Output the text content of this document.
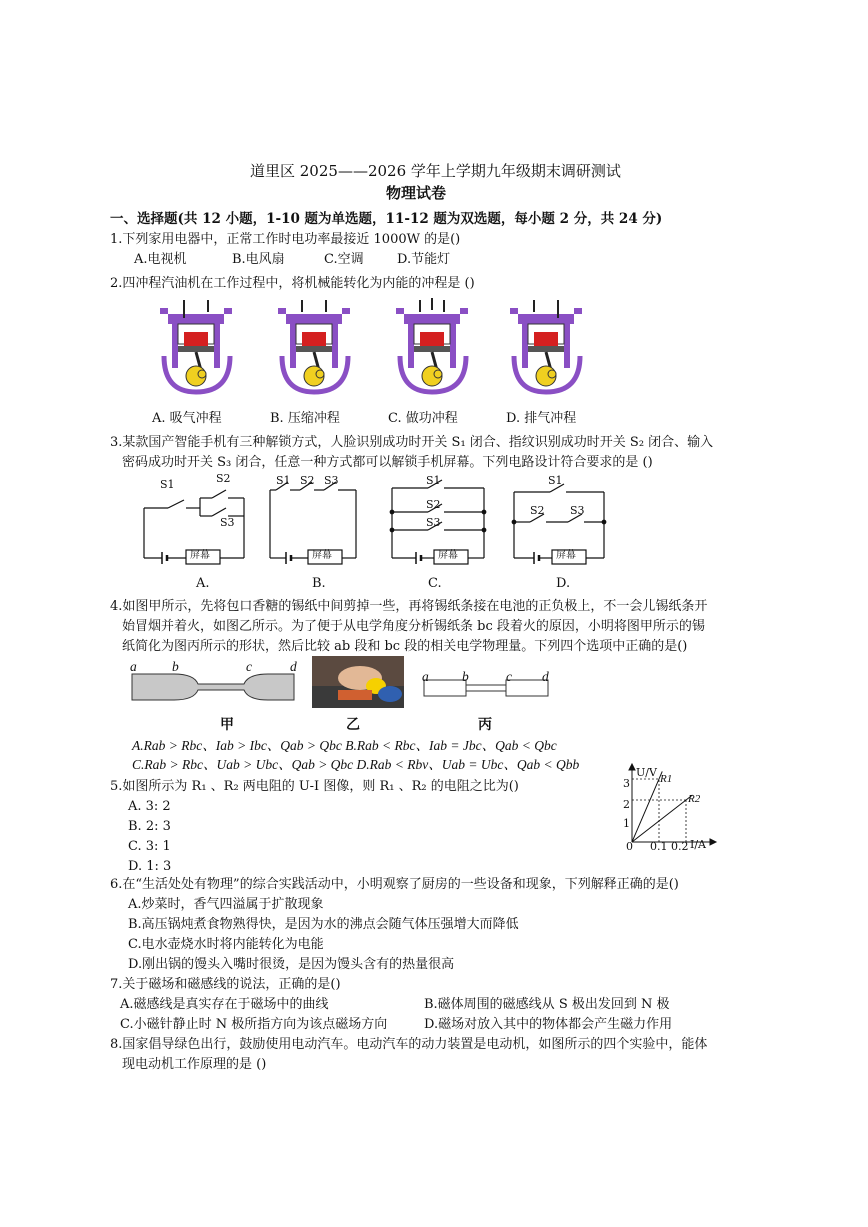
道里区 2025——2026 学年上学期九年级期末调研测试
物理试卷
一、选择题(共 12 小题，1-10 题为单选题，11-12 题为双选题，每小题 2 分，共 24 分)
1.下列家用电器中，正常工作时电功率最接近 1000W 的是()
A.电视机	B.电风扇	C.空调	D.节能灯
2.四冲程汽油机在工作过程中，将机械能转化为内能的冲程是 ()
A. 吸气冲程	B. 压缩冲程	C. 做功冲程	D. 排气冲程
3.某款国产智能手机有三种解锁方式，人脸识别成功时开关 S₁ 闭合、指纹识别成功时开关 S₂ 闭合、输入
密码成功时开关 S₃ 闭合，任意一种方式都可以解锁手机屏幕。下列电路设计符合要求的是 ()
S1	S2
S3
S1 S2 S3	S1
S2
S3
S1
S2 S3
屏幕	屏幕	屏幕	屏幕
A.	B.	C.	D.
4.如图甲所示，先将包口香糖的锡纸中间剪掉一些，再将锡纸条接在电池的正负极上，不一会儿锡纸条开
始冒烟并着火，如图乙所示。为了便于从电学角度分析锡纸条 bc 段着火的原因，小明将图甲所示的锡
纸简化为图丙所示的形状，然后比较 ab 段和 bc 段的相关电学物理量。下列四个选项中正确的是()
a	b	c	d
a b	c d
甲	乙	丙
A.Rab > Rbc、Iab > Ibc、Qab > Qbc B.Rab < Rbc、Iab = Jbc、Qab < Qbc
C.Rab > Rbc、Uab > Ubc、Qab > Qbc D.Rab < Rbv、Uab = Ubc、Qab < Qbb
5.如图所示为 R₁ 、R₂ 两电阻的 U-I 图像，则 R₁ 、R₂ 的电阻之比为()
A. 3: 2
B. 2: 3
C. 3: 1
D. 1: 3
U/V
I/A
R1
R2
3
2
1
0 0.1 0.2
6.在“生活处处有物理”的综合实践活动中，小明观察了厨房的一些设备和现象，下列解释正确的是()
A.炒菜时，香气四溢属于扩散现象
B.高压锅炖煮食物熟得快，是因为水的沸点会随气体压强增大而降低
C.电水壶烧水时将内能转化为电能
D.刚出锅的馒头入嘴时很烫，是因为馒头含有的热量很高
7.关于磁场和磁感线的说法，正确的是()
A.磁感线是真实存在于磁场中的曲线	B.磁体周围的磁感线从 S 极出发回到 N 极
C.小磁针静止时 N 极所指方向为该点磁场方向	D.磁场对放入其中的物体都会产生磁力作用
8.国家倡导绿色出行，鼓励使用电动汽车。电动汽车的动力装置是电动机，如图所示的四个实验中，能体
现电动机工作原理的是 ()
